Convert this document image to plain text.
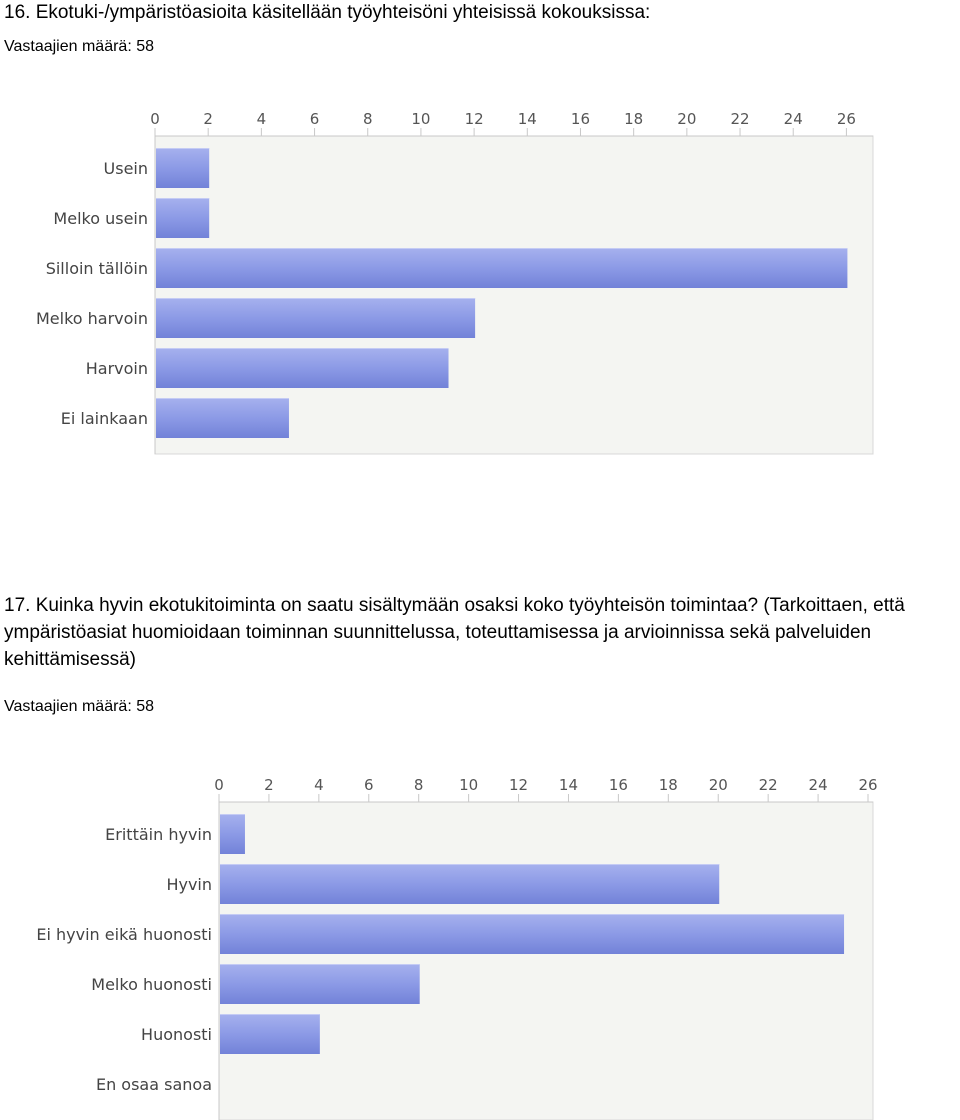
16. Ekotuki-/ympäristöasioita käsitellään työyhteisöni yhteisissä kokouksissa:
Vastaajien määrä: 58
0	2	4	6	8	10 12 14 16 18 20 22 24 26
Usein
Melko usein
Silloin tällöin
Melko harvoin
Harvoin
Ei lainkaan
17. Kuinka hyvin ekotukitoiminta on saatu sisältymään osaksi koko työyhteisön toimintaa? (Tarkoittaen, että ympäristöasiat huomioidaan toiminnan suunnittelussa, toteuttamisessa ja arvioinnissa sekä palveluiden kehittämisessä)
Vastaajien määrä: 58
0	2	4	6	8 10 12 14 16 18 20 22 24 26
Erittäin hyvin
Hyvin
Ei hyvin eikä huonosti
Melko huonosti
Huonosti
En osaa sanoa
